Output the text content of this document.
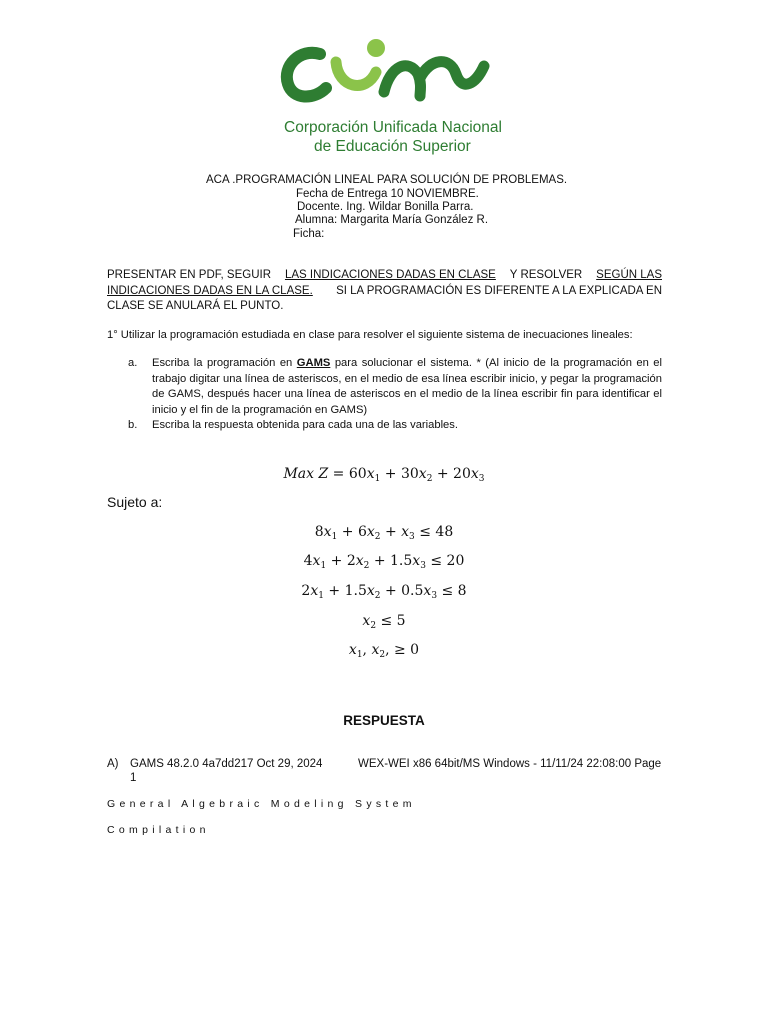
Corporación Unificada Nacional
de Educación Superior
ACA .PROGRAMACIÓN LINEAL PARA SOLUCIÓN DE PROBLEMAS.
Fecha de Entrega 10 NOVIEMBRE.
Docente. Ing. Wildar Bonilla Parra.
Alumna: Margarita María González R.
Ficha:
PRESENTAR EN PDF, SEGUIR LAS INDICACIONES DADAS EN CLASE Y RESOLVER SEGÚN LAS
INDICACIONES DADAS EN LA CLASE. SI LA PROGRAMACIÓN ES DIFERENTE A LA EXPLICADA EN
CLASE SE ANULARÁ EL PUNTO.
1° Utilizar la programación estudiada en clase para resolver el siguiente sistema de inecuaciones lineales:
a.	Escriba la programación en GAMS para solucionar el sistema. * (Al inicio de la programación en el trabajo digitar una línea de asteriscos, en el medio de esa línea escribir inicio, y pegar la programación de GAMS, después hacer una línea de asteriscos en el medio de la línea escribir fin para identificar el inicio y el fin de la programación en GAMS)
b.	Escriba la respuesta obtenida para cada una de las variables.
Max $Z = 60x_1 + 30x_2 + 20x_3$
Sujeto a:
$8x_1 + 6x_2 + x_3 \le 48$
$4x_1 + 2x_2 + 1.5x_3 \le 20$
$2x_1 + 1.5x_2 + 0.5x_3 \le 8$
$x_2 \le 5$
$x_1$, $x_2$, ≥ 0
RESPUESTA
A) GAMS 48.2.0 4a7dd217 Oct 29, 2024	WEX-WEI x86 64bit/MS Windows - 11/11/24 22:08:00 Page
1
General Algebraic Modeling System
Compilation
